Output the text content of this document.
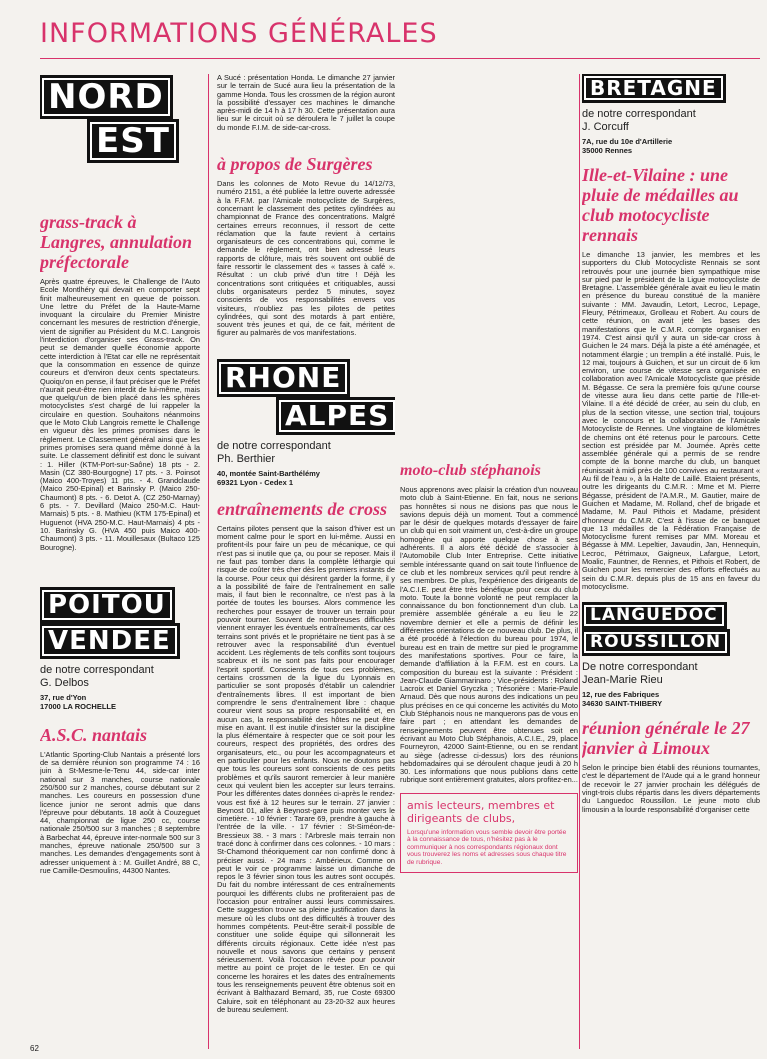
INFORMATIONS GÉNÉRALES
NORD
EST
grass-track à Langres, annulation préfectorale

Après quatre épreuves, le Challenge de l'Auto Ecole Montlhéry qui devait en comporter sept finit malheureusement en queue de poisson. Une lettre du Préfet de la Haute-Marne invoquant la circulaire du Premier Ministre concernant les mesures de restriction d'énergie, vient de signifier au Président du M.C. Langrois l'interdiction d'organiser ses Grass-track. On peut se demander quelle économie apporte cette interdiction à l'Etat car elle ne représentait que la consommation en essence de quinze coureurs et d'environ deux cents spectateurs. Quoiqu'on en pense, il faut préciser que le Préfet n'aurait peut-être rien interdit de lui-même, mais que quelqu'un de bien placé dans les sphères motocyclistes s'est chargé de lui rappeler la circulaire en question. Souhaitons néanmoins que le Moto Club Langrois remette le Challenge en vigueur dès les primes promises dans le règlement. Le Classement général ainsi que les primes promises sera quand même donné à la suite. Le classement définitif est donc le suivant : 1. Hiller (KTM-Port-sur-Saône) 18 pts - 2. Masin (CZ 380-Bourgogne) 17 pts. - 3. Poinsot (Maico 400-Troyes) 11 pts. - 4. Grandclaude (Maico 250-Epinal) et Barinsky P. (Maico 250-Chaumont) 8 pts. - 6. Detot A. (CZ 250-Marnay) 6 pts. - 7. Devillard (Maico 250-M.C. Haut-Marnais) 5 pts. - 8. Mathieu (KTM 175-Epinal) et Huguenot (HVA 250-M.C. Haut-Marnais) 4 pts - 10. Barinsky G. (HVA 450 puis Maico 400-Chaumont) 3 pts. - 11. Mouillesaux (Bultaco 125 Bourogne).

POITOU
VENDEE

de notre correspondant

G. Delbos

37, rue d'Yon

17000 LA ROCHELLE

A.S.C. nantais

L'Atlantic Sporting-Club Nantais a présenté lors de sa dernière réunion son programme 74 : 16 juin à St-Mesme-le-Tenu 44, side-car inter national sur 3 manches, course nationale 250/500 sur 2 manches, course débutant sur 2 manches. Les coureurs en possession d'une licence junior ne seront admis que dans l'épreuve pour débutants. 18 août à Couzeguet 44, championnat de ligue 250 cc, course nationale 250/500 sur 3 manches ; 8 septembre à Barbechat 44, épreuve inter-normale 500 sur 3 manches, épreuve nationale 250/500 sur 3 manches. Les demandes d'engagements sont à adresser uniquement à : M. Guillet André, 88 C, rue Camille-Desmoulins, 44300 Nantes.

A Sucé : présentation Honda. Le dimanche 27 janvier sur le terrain de Sucé aura lieu la présentation de la gamme Honda. Tous les crossmen de la région auront la possibilité d'essayer ces machines le dimanche après-midi de 14 h à 17 h 30. Cette présentation aura lieu sur le circuit où se déroulera le 7 juillet la coupe du monde F.I.M. de side-car-cross.

à propos de Surgères

Dans les colonnes de Moto Revue du 14/12/73, numéro 2151, a été publiée la lettre ouverte adressée à la F.F.M. par l'Amicale motocycliste de Surgères, concernant le classement des petites cylindrées au championnat de France des concentrations. Malgré certaines erreurs reconnues, il ressort de cette réclamation que la faute revient à certains organisateurs de ces concentrations qui, comme le demande le règlement, ont bien adressé leurs rapports de clôture, mais très souvent ont oublié de faire ressortir le classement des « tasses à café ». Résultat : un club privé d'un titre ! Déjà les concentrations sont critiquées et critiquables, aussi clubs organisateurs perdez 5 minutes, soyez conscients de vos responsabilités envers vos visiteurs, n'oubliez pas les pilotes de petites cylindrées, qui sont des motards à part entière, souvent très jeunes et qui, de ce fait, méritent de figurer au palmarès de vos manifestations.

RHONE
ALPES

de notre correspondant

Ph. Berthier

40, montée Saint-Barthélémy

69321 Lyon - Cedex 1

entraînements de cross

Certains pilotes pensent que la saison d'hiver est un moment calme pour le sport en lui-même. Aussi en profitent-ils pour faire un peu de mécanique, ce qui n'est pas si inutile que ça, ou pour se reposer. Mais il ne faut pas tomber dans la complète léthargie qui risque de coûter très cher dès les premiers instants de la course. Pour ceux qui désirent garder la forme, il y a la possibilité de faire de l'entraînement en salle mais, il faut bien le reconnaître, ce n'est pas à la portée de toutes les bourses. Alors commence les recherches pour essayer de trouver un terrain pour pouvoir tourner. Souvent de nombreuses difficultés viennent enrayer les éventuels entraînements, car ces terrains sont privés et le propriétaire ne tient pas à se retrouver avec la responsabilité d'un éventuel accident. Les règlements de tels conflits sont toujours scabreux et ils ne sont pas faits pour encourager l'esprit sportif. Conscients de tous ces problèmes, certains crossmen de la ligue du Lyonnais en particulier se sont proposés d'établir un calendrier d'entraînements libres. Il est important de bien comprendre le sens d'entraînement libre : chaque coureur vient sous sa propre responsabilité et, en aucun cas, la responsabilité des hôtes ne peut être mise en avant. Il est inutile d'insister sur la discipline la plus élémentaire à respecter que ce soit pour les coureurs, respect des propriétés, des ordres des organisateurs, etc., ou pour les accompagnateurs et en particulier pour les enfants. Nous ne doutons pas que tous les coureurs sont conscients de ces petits problèmes et qu'ils sauront remercier à leur manière ceux qui veulent bien les accepter sur leurs terrains. Pour les différentes dates données ci-après le rendez-vous est fixé à 12 heures sur le terrain. 27 janvier : Beynost 01, aller à Beynost-gare puis monter vers le cimetière. - 10 février : Tarare 69, prendre à gauche à l'entrée de la ville. - 17 février : St-Siméon-de-Bressieux 38. - 3 mars : l'Arbresle mais terrain non tracé donc à confirmer dans ces colonnes. - 10 mars : St-Chamond théoriquement car non confirmé donc à préciser aussi. - 24 mars : Ambérieux. Comme on peut le voir ce programme laisse un dimanche de repos le 3 février sinon tous les autres sont occupés. Du fait du nombre intéressant de ces entraînements pourquoi les différents clubs ne profiteraient pas de l'occasion pour entraîner aussi leurs commissaires. Cette suggestion trouve sa pleine justification dans la mesure où les clubs ont des difficultés à trouver des hommes compétents. Peut-être serait-il possible de constituer une solide équipe qui sillonnerait les différents circuits régionaux. Cette idée n'est pas nouvelle et nous savons que certains y pensent sérieusement. Voilà l'occasion rêvée pour pouvoir mettre au point ce projet de le tester. En ce qui concerne les horaires et les dates des entraînements tous les renseignements peuvent être obtenus soit en écrivant à Balthazard Bernard, 35, rue Coste 69300 Caluire, soit en téléphonant au 23-20-32 aux heures de bureau seulement.

moto-club stéphanois

Nous apprenons avec plaisir la création d'un nouveau moto club à Saint-Etienne. En fait, nous ne serions pas honnêtes si nous ne disions pas que nous le savions depuis déjà un moment. Tout a commencé par le désir de quelques motards d'essayer de faire un club qui en soit vraiment un, c'est-à-dire un groupe homogène qui apporte quelque chose à ses adhérents. Il a alors été décidé de s'associer à l'Automobile Club Inter Entreprise. Cette initiative semble intéressante quand on sait toute l'influence de ce club et les nombreux services qu'il peut rendre à ses membres. De plus, l'expérience des dirigeants de l'A.C.I.E. peut être très bénéfique pour ceux du club moto. Toute la bonne volonté ne peut remplacer la connaissance du bon fonctionnement d'un club. La première assemblée générale a eu lieu le 22 novembre dernier et elle a permis de définir les différentes orientations de ce nouveau club. De plus, il a été procédé à l'élection du bureau pour 1974, le bureau est en train de mettre sur pied le programme des manifestations sportives. Pour ce faire, la demande d'affiliation à la F.F.M. est en cours. La composition du bureau est la suivante : Président : Jean-Claude Giammarinaro ; Vice-présidents : Roland Lacroix et Daniel Gryczka ; Trésorière : Marie-Paule Arnaud. Dès que nous aurons des indications un peu plus précises en ce qui concerne les activités du Moto Club Stéphanois nous ne manquerons pas de vous en faire part ; en attendant les demandes de renseignements peuvent être obtenues soit en écrivant au Moto Club Stéphanois, A.C.I.E., 29, place Fourneyron, 42000 Saint-Etienne, ou en se rendant au siège (adresse ci-dessus) lors des réunions hebdomadaires qui se déroulent chaque jeudi à 20 h 30. Les informations que nous publions dans cette rubrique sont entièrement gratuites, alors profitez-en...

amis lecteurs, membres et dirigeants de clubs,

Lorsqu'une information vous semble devoir être portée à la connaissance de tous, n'hésitez pas à le communiquer à nos correspondants régionaux dont vous trouverez les noms et adresses sous chaque titre de rubrique.

BRETAGNE

de notre correspondant

J. Corcuff

7A, rue du 10e d'Artillerie

35000 Rennes

Ille-et-Vilaine : une pluie de médailles au club motocycliste rennais

Le dimanche 13 janvier, les membres et les supporters du Club Motocycliste Rennais se sont retrouvés pour une journée bien sympathique mise sur pied par le président de la Ligue motocycliste de Bretagne. L'assemblée générale avait eu lieu le matin en présence du bureau constitué de la manière suivante : MM. Javaudin, Letort, Lecroc, Lepage, Fleury, Pétrimeaux, Grolleau et Robert. Au cours de cette réunion, on avait jeté les bases des manifestations que le C.M.R. compte organiser en 1974. C'est ainsi qu'il y aura un side-car cross à Guichen le 24 mars. Déjà la piste a été aménagée, et notamment élargie ; un tremplin a été installé. Puis, le 12 mai, toujours à Guichen, et sur un circuit de 6 km environ, une course de vitesse sera organisée en collaboration avec l'Amicale Motocycliste que préside M. Bégasse. Ce sera la première fois qu'une course de vitesse aura lieu dans cette partie de l'Ille-et-Vilaine. Il a été décidé de créer, au sein du club, en plus de la section vitesse, une section trial, toujours avec le concours et la collaboration de l'Amicale Motocycliste de Rennes. Une vingtaine de kilomètres de chemins ont été retenus pour le parcours. Cette section est présidée par M. Journée. Après cette assemblée générale qui a permis de se rendre compte de la bonne marche du club, un banquet réunissait à midi près de 100 convives au restaurant « Au fil de l'eau », à la Halte de Laillé. Etaient présents, outre les dirigeants du C.M.R. : Mme et M. Pierre Bégasse, président de l'A.M.R., M. Gautier, maire de Guichen et Madame, M. Rolland, chef de brigade et Madame, M. Paul Pithois et Madame, président d'honneur du C.M.R. C'est à l'issue de ce banquet que 13 médailles de la Fédération Française de Motocyclisme furent remises par MM. Moreau et Bégasse à MM. Lepeltier, Javaudin, Jan, Hennequin, Lecroc, Pétrimaux, Gaigneux, Lafargue, Letort, Moalic, Fauntner, de Rennes, et Pithois et Robert, de Guichen pour les remercier des efforts effectués au sein du C.M.R. depuis plus de 15 ans en faveur du motocyclisme.

LANGUEDOC
ROUSSILLON

De notre correspondant

Jean-Marie Rieu

12, rue des Fabriques

34630 SAINT-THIBERY

réunion générale le 27 janvier à Limoux

Selon le principe bien établi des réunions tournantes, c'est le département de l'Aude qui a le grand honneur de recevoir le 27 janvier prochain les délégués de vingt-trois clubs répartis dans les divers départements du Languedoc Roussillon. Le jeune moto club limousin a la lourde responsabilité d'organiser cette

62
